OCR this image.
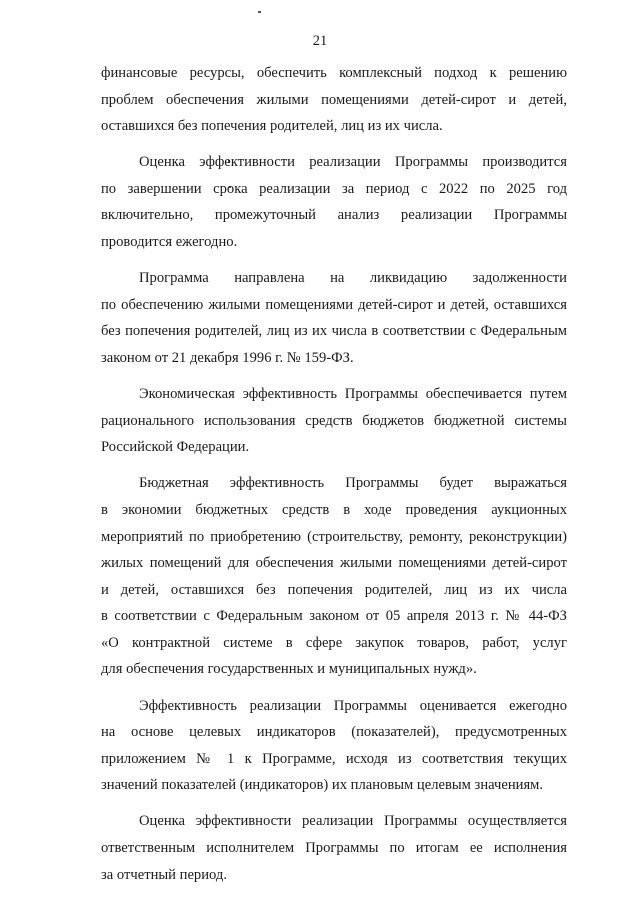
21

финансовые ресурсы, обеспечить комплексный подход к решению
проблем обеспечения жилыми помещениями детей-сирот и детей,
оставшихся без попечения родителей, лиц из их числа.

Оценка эффективности реализации Программы производится
по завершении срока реализации за период с 2022 по 2025 год
включительно, промежуточный анализ реализации Программы
проводится ежегодно.

Программа направлена на ликвидацию задолженности
по обеспечению жилыми помещениями детей-сирот и детей, оставшихся
без попечения родителей, лиц из их числа в соответствии с Федеральным
законом от 21 декабря 1996 г. № 159-ФЗ.

Экономическая эффективность Программы обеспечивается путем
рационального использования средств бюджетов бюджетной системы
Российской Федерации.

Бюджетная эффективность Программы будет выражаться
в экономии бюджетных средств в ходе проведения аукционных
мероприятий по приобретению (строительству, ремонту, реконструкции)
жилых помещений для обеспечения жилыми помещениями детей-сирот
и детей, оставшихся без попечения родителей, лиц из их числа
в соответствии с Федеральным законом от 05 апреля 2013 г. № 44-ФЗ
«О контрактной системе в сфере закупок товаров, работ, услуг
для обеспечения государственных и муниципальных нужд».

Эффективность реализации Программы оценивается ежегодно
на основе целевых индикаторов (показателей), предусмотренных
приложением № 1 к Программе, исходя из соответствия текущих
значений показателей (индикаторов) их плановым целевым значениям.

Оценка эффективности реализации Программы осуществляется
ответственным исполнителем Программы по итогам ее исполнения
за отчетный период.
